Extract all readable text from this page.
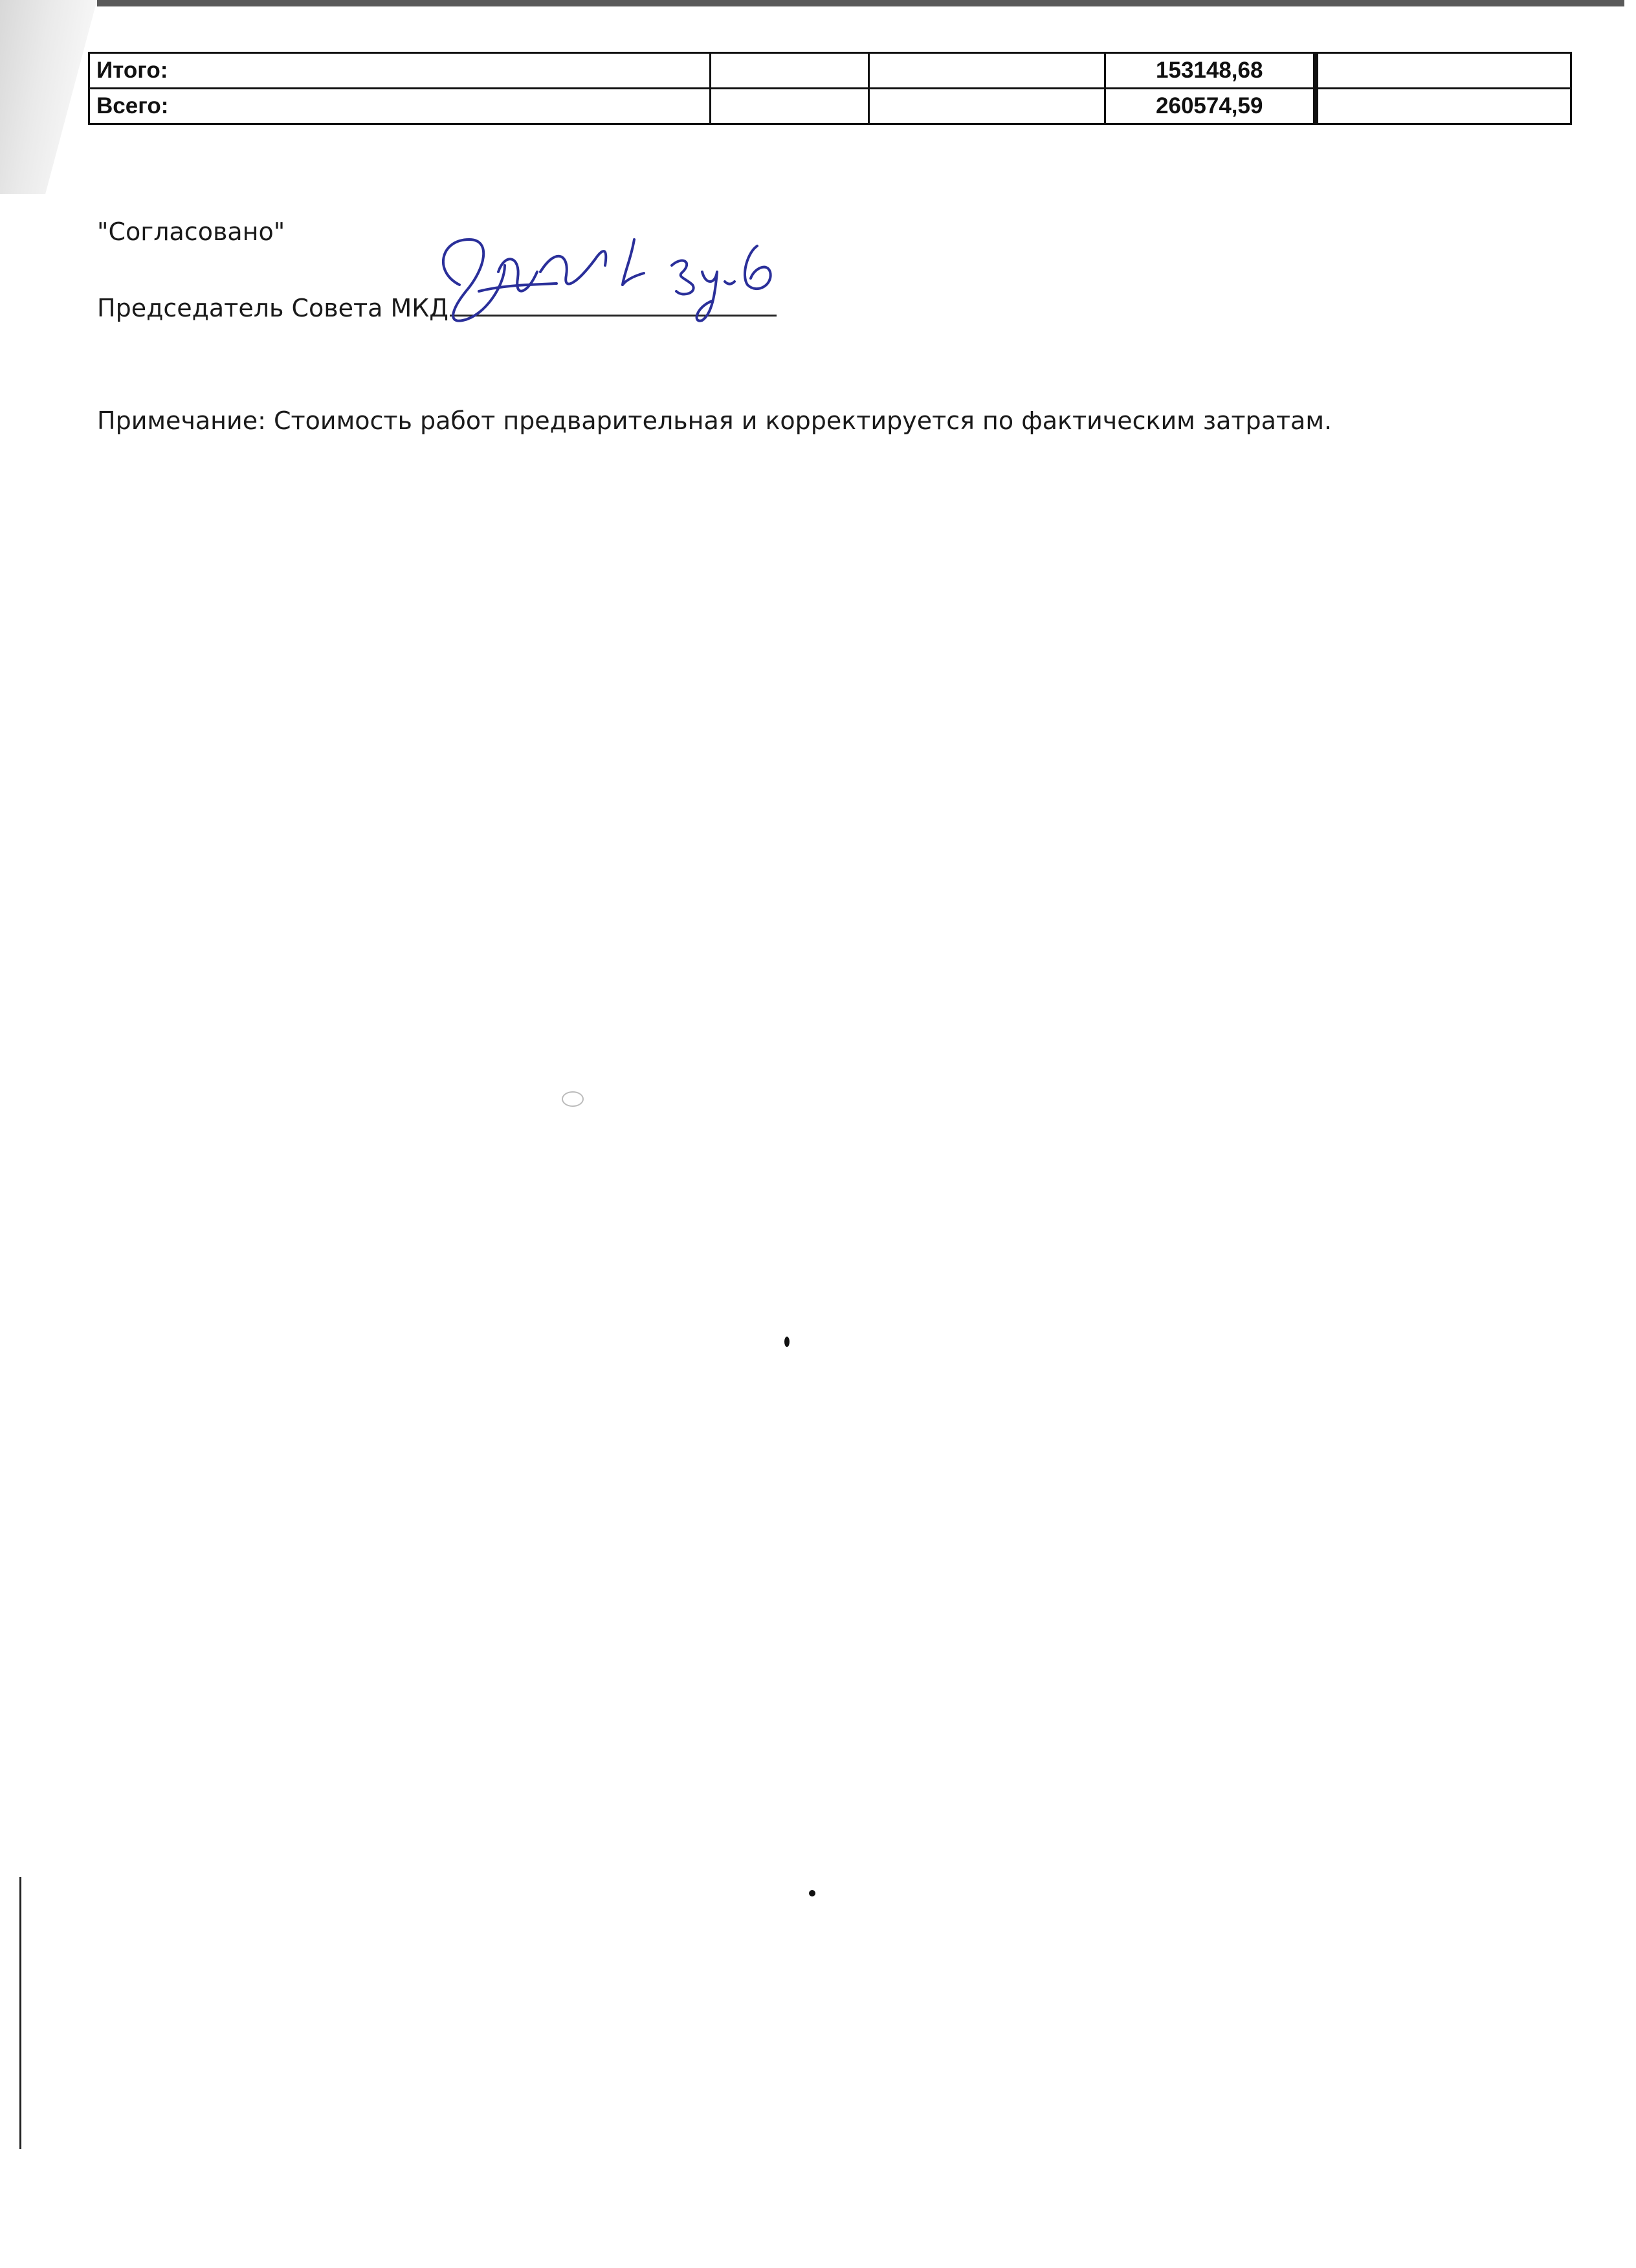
Итого:			153148,68	
Всего:			260574,59	
"Согласовано"
Председатель Совета МКД
Примечание: Стоимость работ предварительная и корректируется по фактическим затратам.
